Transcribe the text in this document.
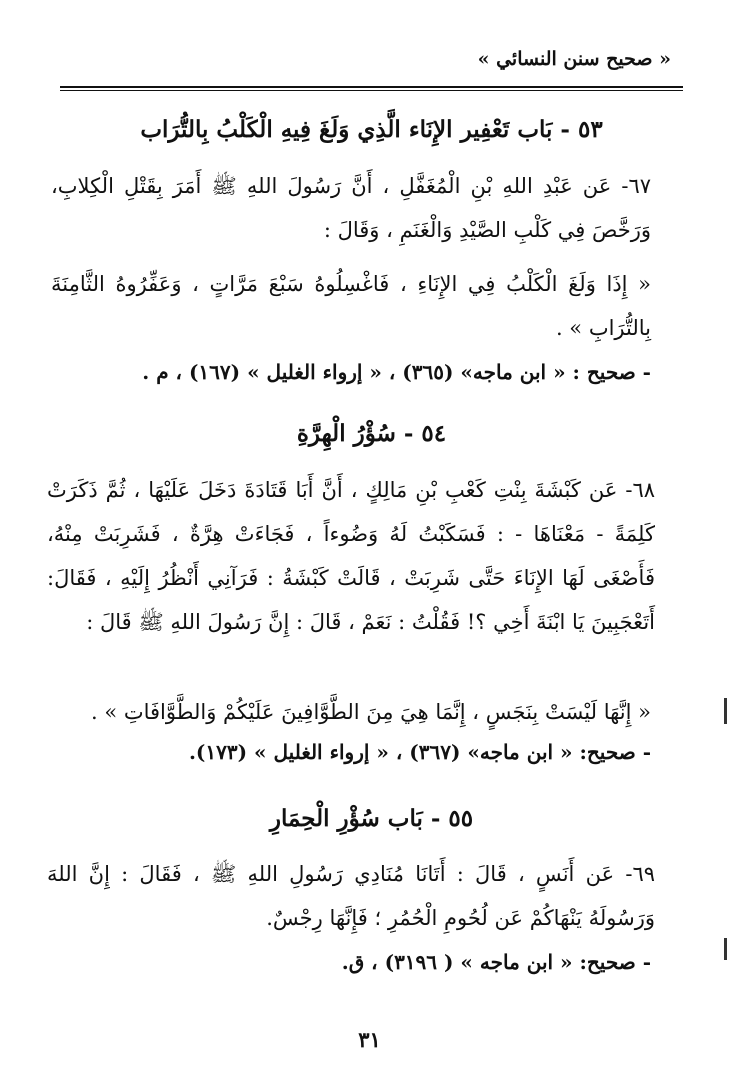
« صحيح سنن النسائي »
٥٣ - بَاب تَعْفِير الإِنَاء الَّذِي وَلَغَ فِيهِ الْكَلْبُ بِالتُّرَاب
٦٧- عَن عَبْدِ اللهِ بْنِ الْمُغَفَّلِ ، أَنَّ رَسُولَ اللهِ ﷺ أَمَرَ بِقَتْلِ الْكِلابِ، وَرَخَّصَ فِي كَلْبِ الصَّيْدِ وَالْغَنَمِ ، وَقَالَ :
« إِذَا وَلَغَ الْكَلْبُ فِي الإِنَاءِ ، فَاغْسِلُوهُ سَبْعَ مَرَّاتٍ ، وَعَفِّرُوهُ الثَّامِنَةَ بِالتُّرَابِ » .
- صحيح : « ابن ماجه» (٣٦٥) ، « إرواء الغليل » (١٦٧) ، م .
٥٤ - سُؤْرُ الْهِرَّةِ
٦٨- عَن كَبْشَةَ بِنْتِ كَعْبِ بْنِ مَالِكٍ ، أَنَّ أَبَا قَتَادَةَ دَخَلَ عَلَيْهَا ، ثُمَّ ذَكَرَتْ كَلِمَةً - مَعْنَاهَا - : فَسَكَبْتُ لَهُ وَضُوءاً ، فَجَاءَتْ هِرَّةٌ ، فَشَرِبَتْ مِنْهُ، فَأَصْغَى لَهَا الإِنَاءَ حَتَّى شَرِبَتْ ، قَالَتْ كَبْشَةُ : فَرَآنِي أَنْظُرُ إِلَيْهِ ، فَقَالَ: أَتَعْجَبِينَ يَا ابْنَةَ أَخِي ؟! فَقُلْتُ : نَعَمْ ، قَالَ : إِنَّ رَسُولَ اللهِ ﷺ قَالَ :
« إِنَّهَا لَيْسَتْ بِنَجَسٍ ، إِنَّمَا هِيَ مِنَ الطَّوَّافِينَ عَلَيْكُمْ وَالطَّوَّافَاتِ » .
- صحيح: « ابن ماجه» (٣٦٧) ، « إرواء الغليل » (١٧٣).
٥٥ - بَاب سُؤْرِ الْحِمَارِ
٦٩- عَن أَنَسٍ ، قَالَ : أَتَانَا مُنَادِي رَسُولِ اللهِ ﷺ ، فَقَالَ : إِنَّ اللهَ وَرَسُولَهُ يَنْهَاكُمْ عَن لُحُومِ الْحُمُرِ ؛ فَإِنَّهَا رِجْسٌ.
- صحيح: « ابن ماجه » ( ٣١٩٦) ، ق.
٣١
